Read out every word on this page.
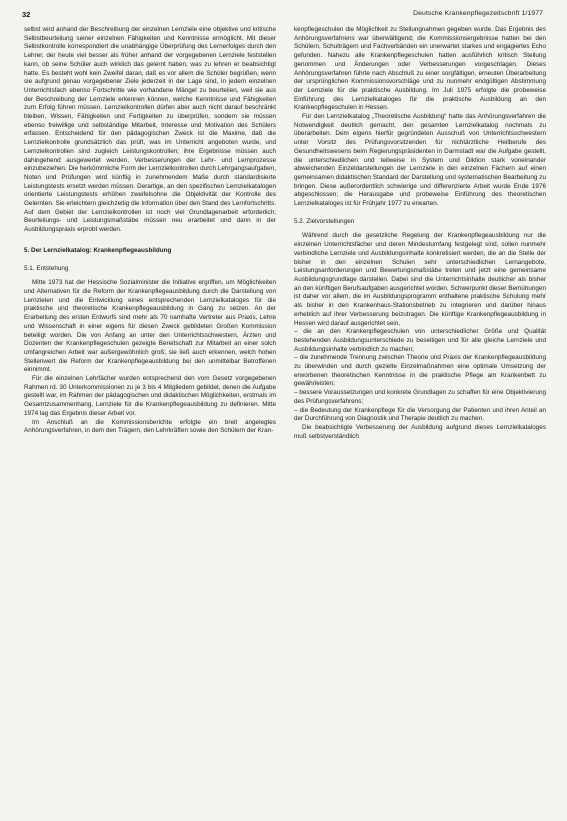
32	Deutsche Krankenpflegezeitschrift 1/1977

selbst wird anhand der Beschreibung der einzelnen Lernziele eine objektive und kritische Selbstbeurteilung seiner einzelnen Fähigkeiten und Kenntnisse ermöglicht. Mit dieser Selbstkontrolle korrespondiert die unabhängige Überprüfung des Lernerfolges durch den Lehrer, der heute viel besser als früher anhand der vorgegebenen Lernziele feststellen kann, ob seine Schüler auch wirklich das gelernt haben, was zu lehren er beabsichtigt hatte. Es besteht wohl kein Zweifel daran, daß es vor allem die Schüler begrüßen, wenn sie aufgrund genau vorgegebener Ziele jederzeit in der Lage sind, in jedem einzelnen Unterrichtsfach ebenso Fortschritte wie vorhandene Mängel zu beurteilen, weil sie aus der Beschreibung der Lernziele erkennen können, welche Kenntnisse und Fähigkeiten zum Erfolg führen müssen. Lernzielkontrollen dürfen aber auch nicht darauf beschränkt bleiben, Wissen, Fähigkeiten und Fertigkeiten zu überprüfen, sondern sie müssen ebenso freiwillige und selbständige Mitarbeit, Interesse und Motivation des Schülers erfassen. Entscheidend für den pädagogischen Zweck ist die Maxime, daß die Lernzielkontrolle grundsätzlich das prüft, was im Unterricht angeboten wurde, und Lernzielkontrollen sind zugleich Leistungskontrollen; ihre Ergebnisse müssen auch dahingehend ausgewertet werden, Verbesserungen der Lehr- und Lernprozesse einzubeziehen. Die herkömmliche Form der Lernzielkontrollen durch Lehrgangsaufgaben, Noten und Prüfungen wird künftig in zunehmendem Maße durch standardisierte Leistungstests ersetzt werden müssen. Derartige, an den spezifischen Lernzielkatalogen orientierte Leistungstests erhöhen zweifelsohne die Objektivität der Kontrolle des Gelernten. Sie erleichtern gleichzeitig die Information über den Stand des Lernfortschritts. Auf dem Gebiet der Lernzielkontrollen ist noch viel Grundlagenarbeit erforderlich; Beurteilungs- und Leistungsmaßstäbe müssen neu erarbeitet und dann in der Ausbildungspraxis erprobt werden.

5. Der Lernzielkatalog: Krankenpflegeausbildung
5.1. Entstehung

Mitte 1973 hat der Hessische Sozialminister die Initiative ergriffen, um Möglichkeiten und Alternativen für die Reform der Krankenpflegeausbildung durch die Darstellung von Lernzielen und die Entwicklung eines entsprechenden Lernzielkataloges für die praktische und theoretische Krankenpflegeausbildung in Gang zu setzen. An der Erarbeitung des ersten Entwurfs sind mehr als 70 namhafte Vertreter aus Praxis, Lehre und Wissenschaft in einer eigens für diesen Zweck gebildeten Großen Kommission beteiligt worden. Die von Anfang an unter den Unterrichtsschwestern, Ärzten und Dozenten der Krankenpflegeschulen gezeigte Bereitschaft zur Mitarbeit an einer solch umfangreichen Arbeit war außergewöhnlich groß; sie ließ auch erkennen, welch hohen Stellenwert die Reform der Krankenpflegeausbildung bei den unmittelbar Betroffenen einnimmt.

Für die einzelnen Lehrfächer wurden entsprechend den vom Gesetz vorgegebenen Rahmen rd. 30 Unterkommissionen zu je 3 bis 4 Mitgliedern gebildet, denen die Aufgabe gestellt war, im Rahmen der pädagogischen und didaktischen Möglichkeiten, erstmals im Gesamtzusammenhang, Lernziele für die Krankenpflegeausbildung zu definieren. Mitte 1974 lag das Ergebnis dieser Arbeit vor.

Im Anschluß an die Kommissionsberichte erfolgte ein breit angelegtes Anhörungsverfahren, in dem den Trägern, den Lehrkräften sowie den Schülern der Kran-

kenpflegeschulen die Möglichkeit zu Stellungnahmen gegeben wurde. Das Ergebnis des Anhörungsverfahrens war überwältigend; die Kommissionsergebnisse hatten bei den Schülern, Schulträgern und Fachverbänden ein unerwartet starkes und engagiertes Echo gefunden. Nahezu alle Krankenpflegeschulen hatten ausführlich kritisch Stellung genommen und Änderungen oder Verbesserungen vorgeschlagen. Dieses Anhörungsverfahren führte nach Abschluß zu einer sorgfältigen, erneuten Überarbeitung der ursprünglichen Kommissionsvorschläge und zu nunmehr endgültigen Abstimmung der Lernziele für die praktische Ausbildung. Im Juli 1975 erfolgte die probeweise Einführung des Lernzielkataloges für die praktische Ausbildung an den Krankenpflegeschulen in Hessen.

Für den Lernzielkatalog „Theoretische Ausbildung“ hatte das Anhörungsverfahren die Notwendigkeit deutlich gemacht, den gesamten Lernzielkatalog nochmals zu überarbeiten. Dem eigens hierfür gegründeten Ausschuß von Unterrichtsschwestern unter Vorsitz des Prüfungsvorsitzenden für nichtärztliche Heilberufe des Gesundheitswesens beim Regierungspräsidenten in Darmstadt war die Aufgabe gestellt, die unterschiedlichen und teilweise in System und Diktion stark voneinander abweichenden Einzeldarstellungen der Lernziele in den einzelnen Fächern auf einen gemeinsamen didaktischen Standard der Darstellung und systematischen Bearbeitung zu bringen. Diese außerordentlich schwierige und differenzierte Arbeit wurde Ende 1976 abgeschlossen; die Herausgabe und probeweise Einführung des theoretischen Lernzielkataloges ist für Frühjahr 1977 zu erwarten.

5.2. Zielvorstellungen

Während durch die gesetzliche Regelung der Krankenpflegeausbildung nur die einzelnen Unterrichtsfächer und deren Mindestumfang festgelegt sind, sollen nunmehr verbindliche Lernziele und Ausbildungsinhalte konkretisiert werden, die an die Stelle der bisher in den einzelnen Schulen sehr unterschiedlichen Lernangebote, Leistungsanforderungen und Bewertungsmaßstäbe treten und jetzt eine gemeinsame Ausbildungsgrundlage darstellen. Dabei sind die Unterrichtsinhalte deutlicher als bisher an den künftigen Berufsaufgaben ausgerichtet worden. Schwerpunkt dieser Bemühungen ist daher vor allem, die im Ausbildungsprogramm enthaltene praktische Schulung mehr als bisher in den Krankenhaus-Stationsbetrieb zu integrieren und darüber hinaus erheblich auf ihrer Verbesserung beizutragen. Die künftige Krankenpflegeausbildung in Hessen wird darauf ausgerichtet sein,

– die an den Krankenpflegeschulen von unterschiedlicher Größe und Qualität bestehenden Ausbildungsunterschiede zu beseitigen und für alle gleiche Lernziele und Ausbildungsinhalte verbindlich zu machen;

– die zunehmende Trennung zwischen Theorie und Praxis der Krankenpflegeausbildung zu überwinden und durch gezielte Einzelmaßnahmen eine optimale Umsetzung der erworbenen theoretischen Kenntnisse in die praktische Pflege am Krankenbett zu gewährleisten;

– bessere Voraussetzungen und konkrete Grundlagen zu schaffen für eine Objektivierung des Prüfungsverfahrens;

– die Bedeutung der Krankenpflege für die Versorgung der Patienten und ihren Anteil an der Durchführung von Diagnostik und Therapie deutlich zu machen.

Die beabsichtigte Verbesserung der Ausbildung aufgrund dieses Lernzielkataloges muß selbstverständlich
